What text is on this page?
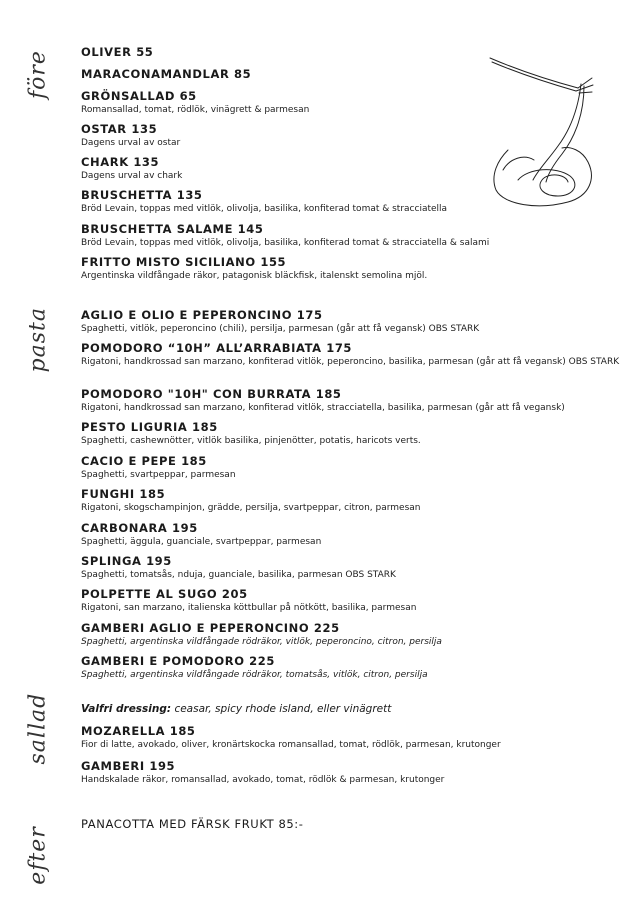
före
pasta
sallad
efter
OLIVER 55
MARACONAMANDLAR 85
GRÖNSALLAD 65
Romansallad, tomat, rödlök, vinägrett & parmesan
OSTAR 135
Dagens urval av ostar
CHARK 135
Dagens urval av chark
BRUSCHETTA 135
Bröd Levain, toppas med vitlök, olivolja, basilika, konfiterad tomat & stracciatella
BRUSCHETTA SALAME 145
Bröd Levain, toppas med vitlök, olivolja, basilika, konfiterad tomat & stracciatella & salami
FRITTO MISTO SICILIANO 155
Argentinska vildfångade räkor, patagonisk bläckfisk, italenskt semolina mjöl.
AGLIO E OLIO E PEPERONCINO 175
Spaghetti, vitlök, peperoncino (chili), persilja, parmesan (går att få vegansk) OBS STARK
POMODORO “10H” ALL’ARRABIATA 175
Rigatoni, handkrossad san marzano, konfiterad vitlök, peperoncino, basilika, parmesan (går att få vegansk) OBS STARK
POMODORO "10H" CON BURRATA 185
Rigatoni, handkrossad san marzano, konfiterad vitlök, stracciatella, basilika, parmesan (går att få vegansk)
PESTO LIGURIA 185
Spaghetti, cashewnötter, vitlök basilika, pinjenötter, potatis, haricots verts.
CACIO E PEPE 185
Spaghetti, svartpeppar, parmesan
FUNGHI 185
Rigatoni, skogschampinjon, grädde, persilja, svartpeppar, citron, parmesan
CARBONARA 195
Spaghetti, äggula, guanciale, svartpeppar, parmesan
SPLINGA 195
Spaghetti, tomatsås, nduja, guanciale, basilika, parmesan OBS STARK
POLPETTE AL SUGO 205
Rigatoni, san marzano, italienska köttbullar på nötkött, basilika, parmesan
GAMBERI AGLIO E PEPERONCINO 225
Spaghetti, argentinska vildfångade rödräkor, vitlök, peperoncino, citron, persilja
GAMBERI E POMODORO 225
Spaghetti, argentinska vildfångade rödräkor, tomatsås, vitlök, citron, persilja
Valfri dressing: ceasar, spicy rhode island, eller vinägrett
MOZARELLA 185
Fior di latte, avokado, oliver, kronärtskocka romansallad, tomat, rödlök, parmesan, krutonger
GAMBERI 195
Handskalade räkor, romansallad, avokado, tomat, rödlök & parmesan, krutonger
PANACOTTA MED FÄRSK FRUKT 85:-
